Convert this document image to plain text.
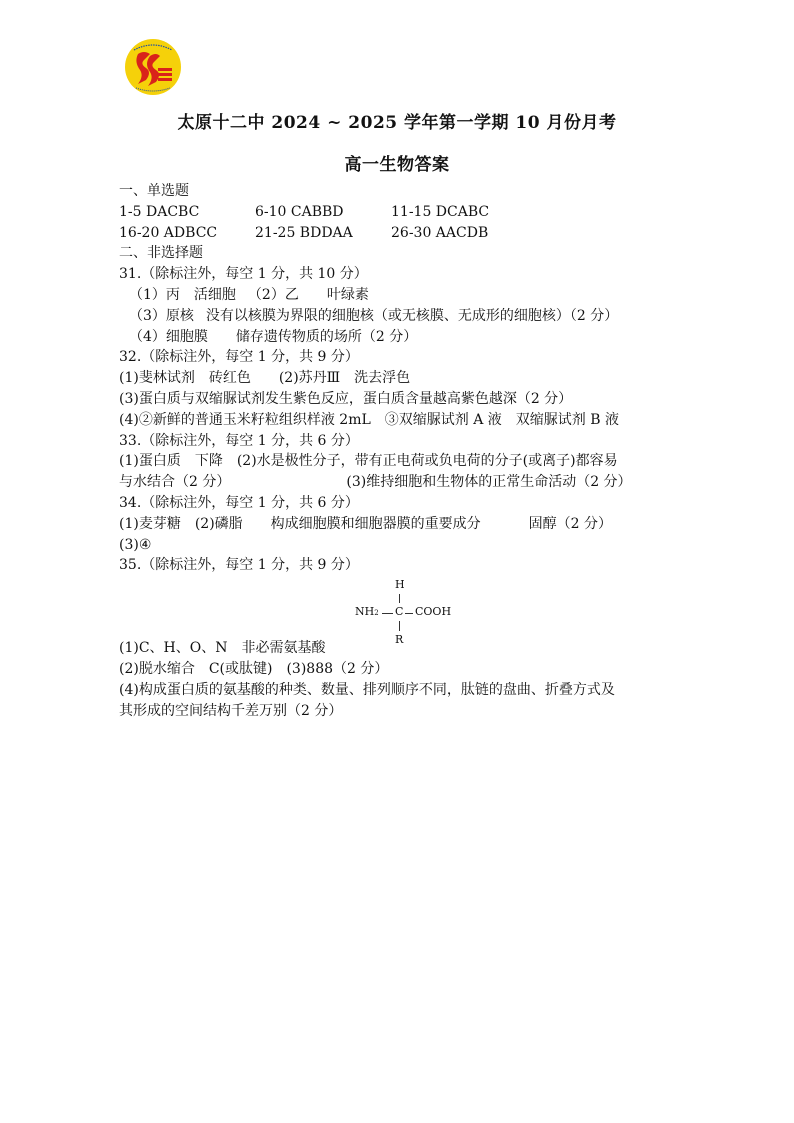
太原十二中 2024 ~ 2025 学年第一学期 10 月份月考
高一生物答案
一、单选题
1-5 DACBC	6-10 CABBD	11-15 DCABC
16-20 ADBCC	21-25 BDDAA	26-30 AACDB
二、非选择题
31.（除标注外，每空 1 分，共 10 分）
（1）丙　活细胞 （2）乙 叶绿素
（3）原核 没有以核膜为界限的细胞核（或无核膜、无成形的细胞核）（2 分）
（4）细胞膜 储存遗传物质的场所（2 分）
32.（除标注外，每空 1 分，共 9 分）
(1)斐林试剂　砖红色 (2)苏丹Ⅲ　洗去浮色
(3)蛋白质与双缩脲试剂发生紫色反应，蛋白质含量越高紫色越深（2 分）
(4)②新鲜的普通玉米籽粒组织样液 2mL　③双缩脲试剂 A 液　双缩脲试剂 B 液
33.（除标注外，每空 1 分，共 6 分）
(1)蛋白质　下降　(2)水是极性分子，带有正电荷或负电荷的分子(或离子)都容易
与水结合（2 分）	(3)维持细胞和生物体的正常生命活动（2 分）
34.（除标注外，每空 1 分，共 6 分）
(1)麦芽糖　(2)磷脂 构成细胞膜和细胞器膜的重要成分	固醇（2 分）
(3)④
35.（除标注外，每空 1 分，共 9 分）
(1)C、H、O、N　非必需氨基酸
(2)脱水缩合　C(或肽键)　(3)888（2 分）
(4)构成蛋白质的氨基酸的种类、数量、排列顺序不同，肽链的盘曲、折叠方式及
其形成的空间结构千差万别（2 分）
H
NH2 C COOH
R
